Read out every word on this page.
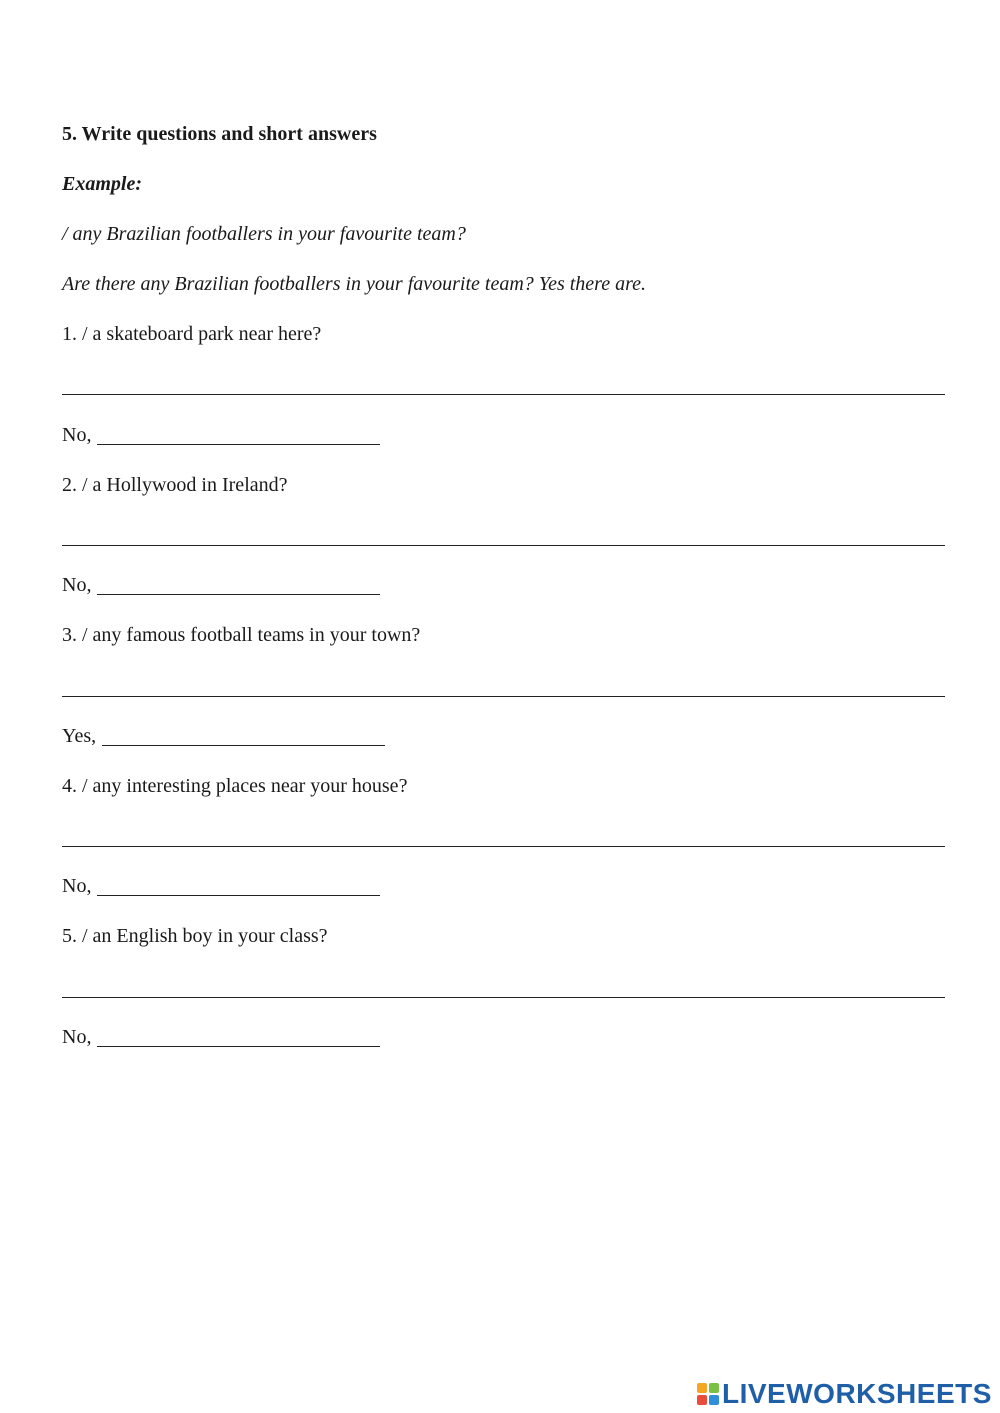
5. Write questions and short answers
Example:
/ any Brazilian footballers in your favourite team?
Are there any Brazilian footballers in your favourite team? Yes there are.
1. / a skateboard park near here?
No,
2. / a Hollywood in Ireland?
No,
3. / any famous football teams in your town?
Yes,
4. / any interesting places near your house?
No,
5. / an English boy in your class?
No,
LIVEWORKSHEETS
